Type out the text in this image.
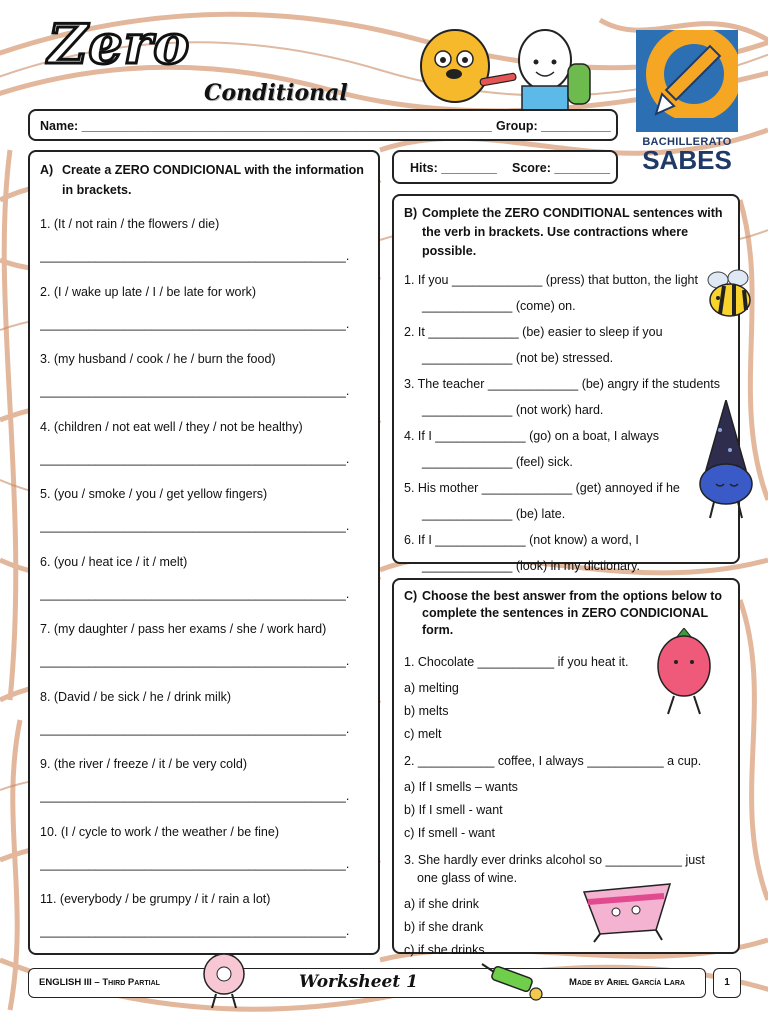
Zero
Conditional
BACHILLERATO
SABES
Name: ___________________________________________________________ Group: __________
Hits: ________ Score: ________
A) Create a ZERO CONDICIONAL with the information in brackets.
1. (It / not rain / the flowers / die)
____________________________________________.
2. (I / wake up late / I / be late for work)
____________________________________________.
3. (my husband / cook / he / burn the food)
____________________________________________.
4. (children / not eat well / they / not be healthy)
____________________________________________.
5. (you / smoke / you / get yellow fingers)
____________________________________________.
6. (you / heat ice / it / melt)
____________________________________________.
7. (my daughter / pass her exams / she / work hard)
____________________________________________.
8. (David / be sick / he / drink milk)
____________________________________________.
9. (the river / freeze / it / be very cold)
____________________________________________.
10. (I / cycle to work / the weather / be fine)
____________________________________________.
11. (everybody / be grumpy / it / rain a lot)
____________________________________________.
B) Complete the ZERO CONDITIONAL sentences with the verb in brackets. Use contractions where possible.
1. If you _____________ (press) that button, the light
_____________ (come) on.
2. It _____________ (be) easier to sleep if you
_____________ (not be) stressed.
3. The teacher _____________ (be) angry if the students
_____________ (not work) hard.
4. If I _____________ (go) on a boat, I always
_____________ (feel) sick.
5. His mother _____________ (get) annoyed if he
_____________ (be) late.
6. If I _____________ (not know) a word, I
_____________ (look) in my dictionary.
C) Choose the best answer from the options below to complete the sentences in ZERO CONDICIONAL form.
1. Chocolate ___________ if you heat it.
a) melting
b) melts
c) melt
2. ___________ coffee, I always ___________ a cup.
a) If I smells – wants
b) If I smell - want
c) If smell - want
3. She hardly ever drinks alcohol so ___________ just one glass of wine.
a) if she drink
b) if she drank
c) if she drinks
ENGLISH III – Third Partial	Worksheet 1	Made by Ariel García Lara	1
